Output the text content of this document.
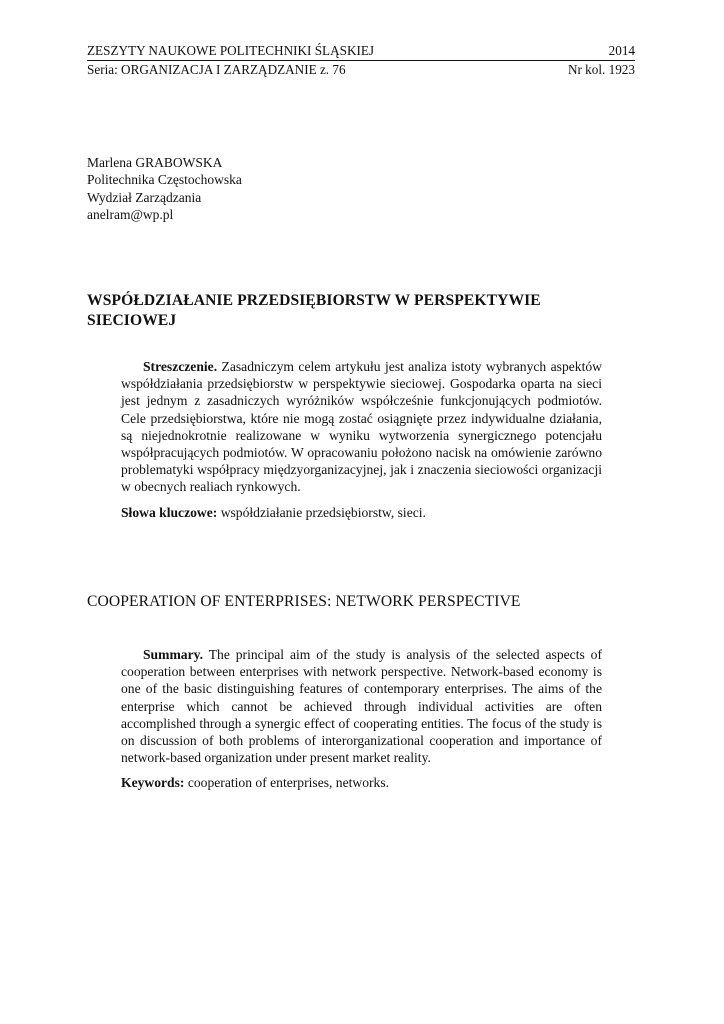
ZESZYTY NAUKOWE POLITECHNIKI ŚLĄSKIEJ	2014
Seria: ORGANIZACJA I ZARZĄDZANIE z. 76	Nr kol. 1923
Marlena GRABOWSKA
Politechnika Częstochowska
Wydział Zarządzania
anelram@wp.pl
WSPÓŁDZIAŁANIE PRZEDSIĘBIORSTW W PERSPEKTYWIE
SIECIOWEJ

Streszczenie. Zasadniczym celem artykułu jest analiza istoty wybranych aspektów współdziałania przedsiębiorstw w perspektywie sieciowej. Gospodarka oparta na sieci jest jednym z zasadniczych wyróżników współcześnie funkcjonujących podmiotów. Cele przedsiębiorstwa, które nie mogą zostać osiągnięte przez indywidualne działania, są niejednokrotnie realizowane w wyniku wytworzenia synergicznego potencjału współpracujących podmiotów. W opracowaniu położono nacisk na omówienie zarówno problematyki współpracy międzyorganizacyjnej, jak i znaczenia sieciowości organizacji w obecnych realiach rynkowych.

Słowa kluczowe: współdziałanie przedsiębiorstw, sieci.

COOPERATION OF ENTERPRISES: NETWORK PERSPECTIVE

Summary. The principal aim of the study is analysis of the selected aspects of cooperation between enterprises with network perspective. Network-based economy is one of the basic distinguishing features of contemporary enterprises. The aims of the enterprise which cannot be achieved through individual activities are often accomplished through a synergic effect of cooperating entities. The focus of the study is on discussion of both problems of interorganizational cooperation and importance of network-based organization under present market reality.

Keywords: cooperation of enterprises, networks.
